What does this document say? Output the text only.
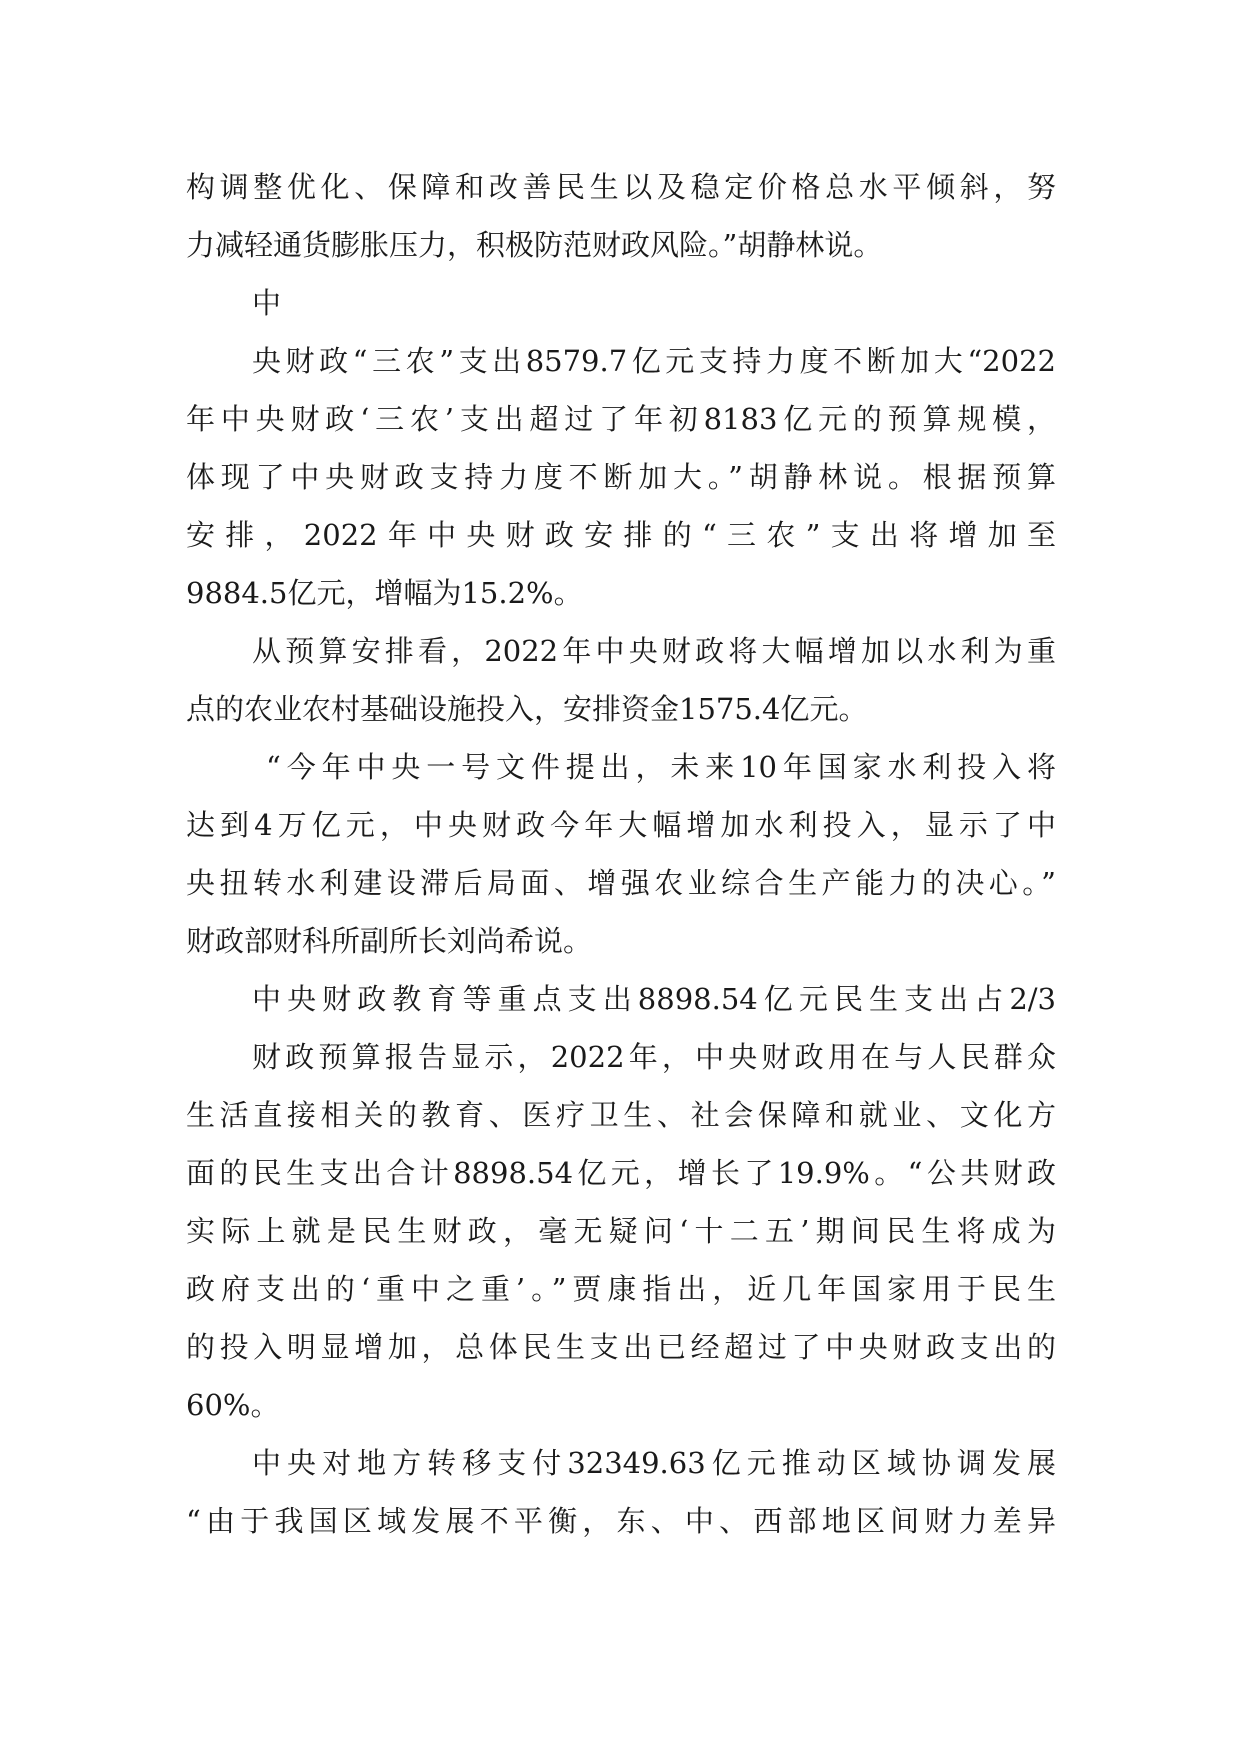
构调整优化、保障和改善民生以及稳定价格总水平倾斜，努
力减轻通货膨胀压力，积极防范财政风险。”胡静林说。
中
央财政“三农”支出8579.7亿元支持力度不断加大“2022
年中央财政‘三农’支出超过了年初8183亿元的预算规模，
体现了中央财政支持力度不断加大。”胡静林说。根据预算
安排，2022年中央财政安排的“三农”支出将增加至
9884.5亿元，增幅为15.2%。
从预算安排看，2022年中央财政将大幅增加以水利为重
点的农业农村基础设施投入，安排资金1575.4亿元。
“今年中央一号文件提出，未来10年国家水利投入将
达到4万亿元，中央财政今年大幅增加水利投入，显示了中
央扭转水利建设滞后局面、增强农业综合生产能力的决心。”
财政部财科所副所长刘尚希说。
中央财政教育等重点支出8898.54亿元民生支出占2/3
财政预算报告显示，2022年，中央财政用在与人民群众
生活直接相关的教育、医疗卫生、社会保障和就业、文化方
面的民生支出合计8898.54亿元，增长了19.9%。“公共财政
实际上就是民生财政，毫无疑问‘十二五’期间民生将成为
政府支出的‘重中之重’。”贾康指出，近几年国家用于民生
的投入明显增加，总体民生支出已经超过了中央财政支出的
60%。
中央对地方转移支付32349.63亿元推动区域协调发展
“由于我国区域发展不平衡，东、中、西部地区间财力差异
